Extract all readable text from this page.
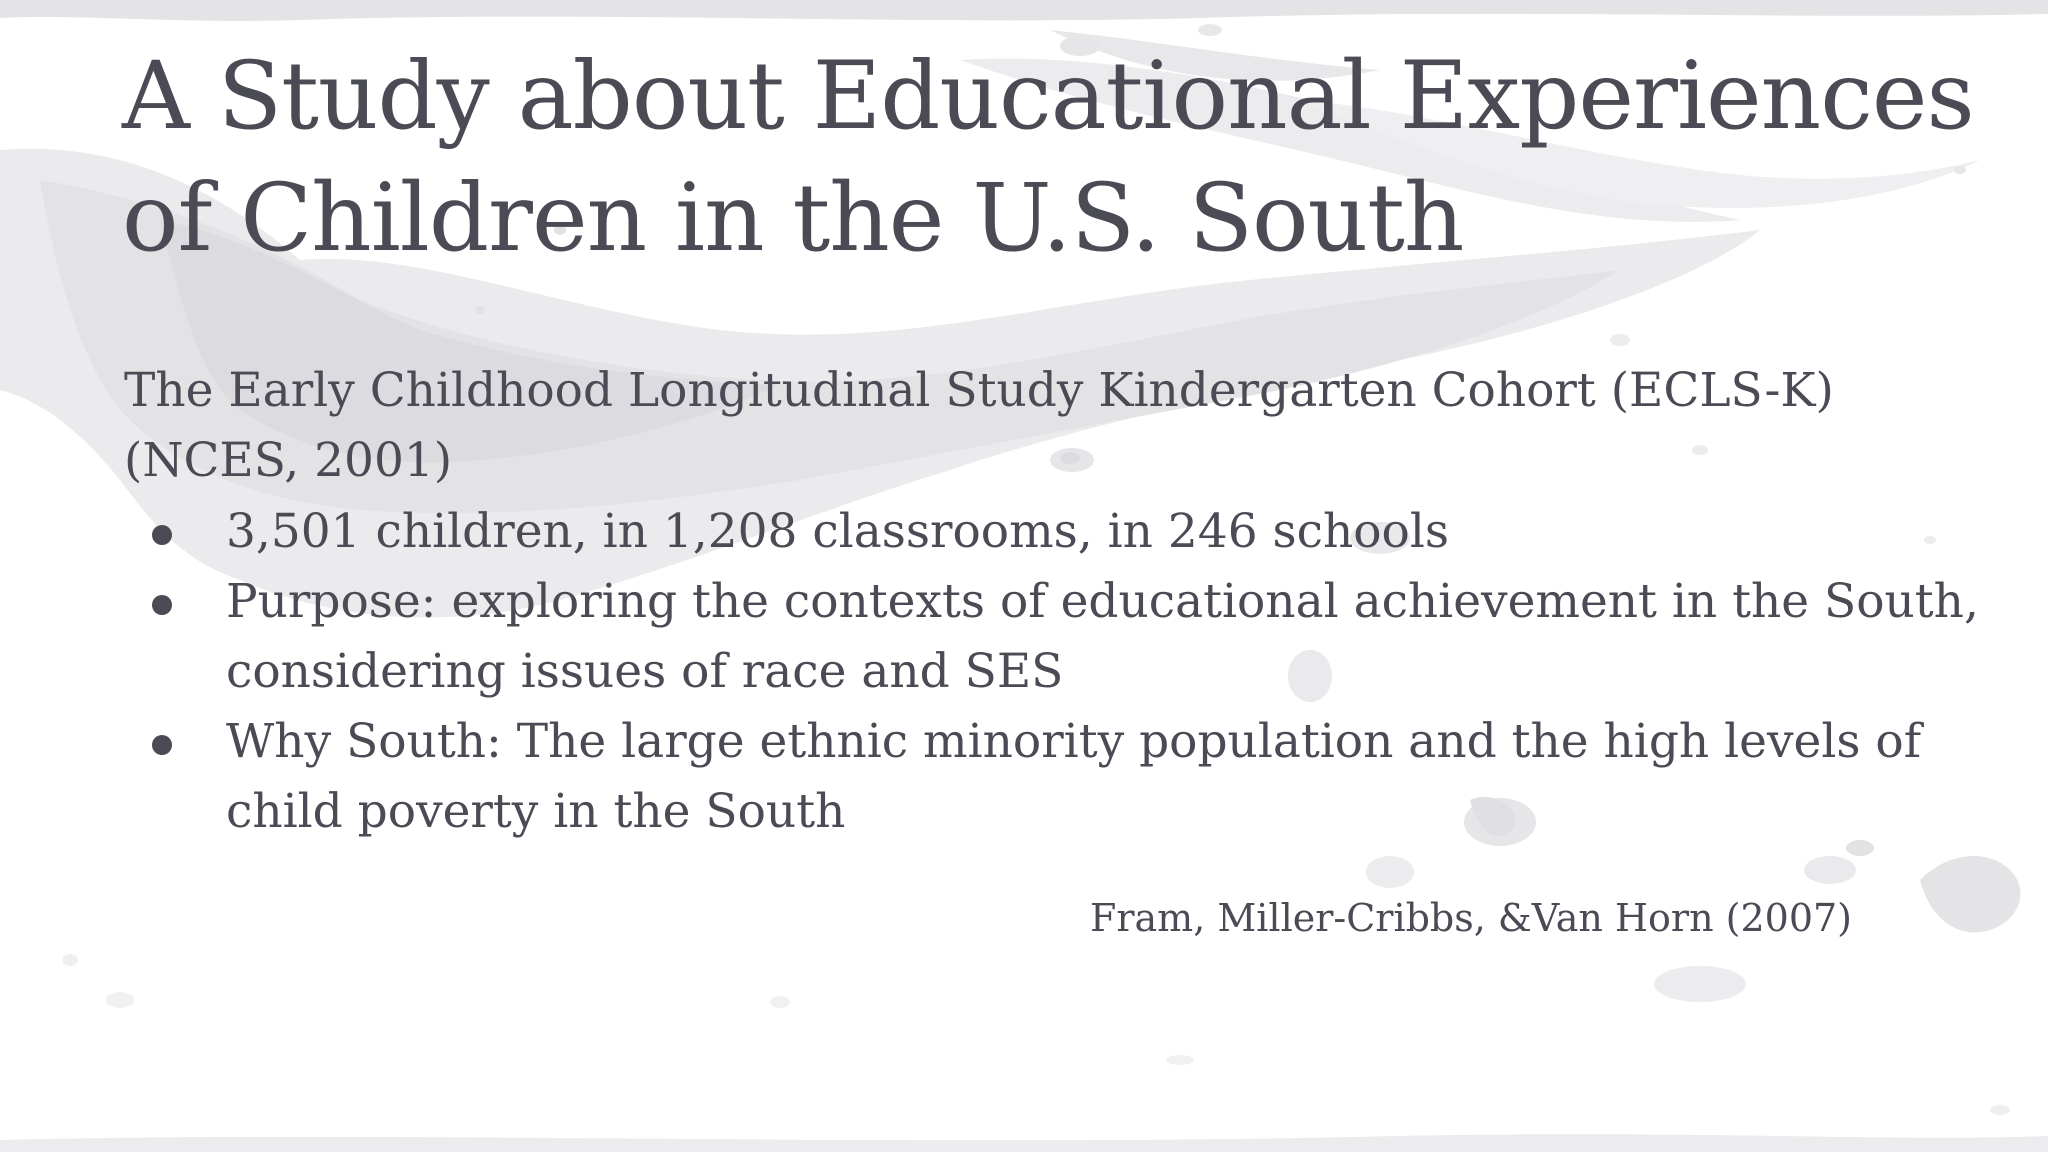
A Study about Educational Experiences
of Children in the U.S. South

The Early Childhood Longitudinal Study Kindergarten Cohort (ECLS-K)
(NCES, 2001)

3,501 children, in 1,208 classrooms, in 246 schools
Purpose: exploring the contexts of educational achievement in the South,
considering issues of race and SES
Why South: The large ethnic minority population and the high levels of
child poverty in the South

Fram, Miller-Cribbs, &Van Horn (2007)
